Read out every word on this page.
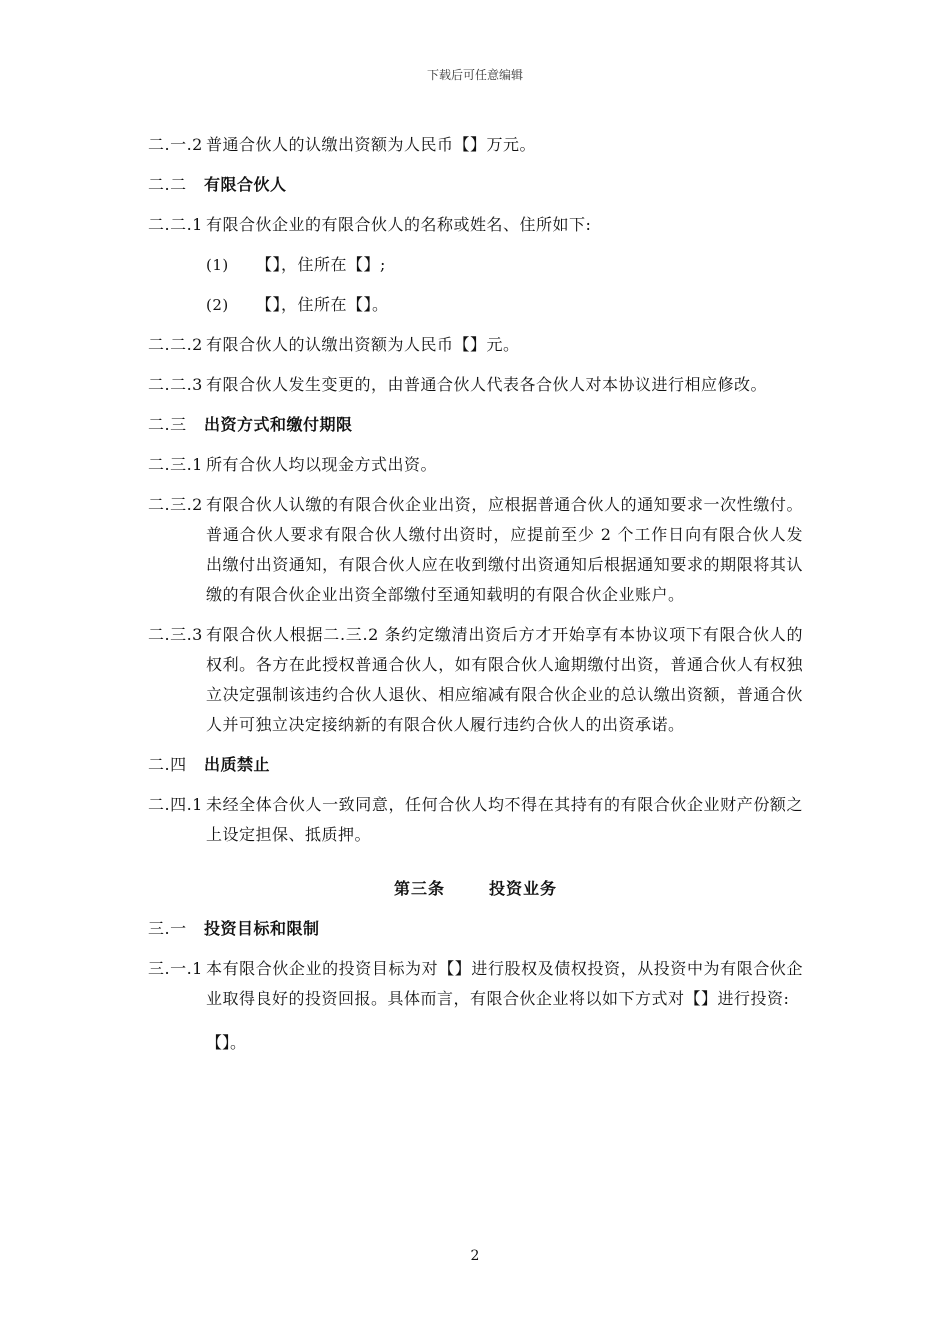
下载后可任意编辑
二.一.2 普通合伙人的认缴出资额为人民币【】万元。
二.二 有限合伙人
二.二.1 有限合伙企业的有限合伙人的名称或姓名、住所如下:
(1) 【】，住所在【】;
(2) 【】，住所在【】。
二.二.2 有限合伙人的认缴出资额为人民币【】元。
二.二.3 有限合伙人发生变更的，由普通合伙人代表各合伙人对本协议进行相应修改。
二.三 出资方式和缴付期限
二.三.1 所有合伙人均以现金方式出资。
二.三.2 有限合伙人认缴的有限合伙企业出资，应根据普通合伙人的通知要求一次性缴付。普通合伙人要求有限合伙人缴付出资时，应提前至少 2 个工作日向有限合伙人发出缴付出资通知，有限合伙人应在收到缴付出资通知后根据通知要求的期限将其认缴的有限合伙企业出资全部缴付至通知载明的有限合伙企业账户。
二.三.3 有限合伙人根据二.三.2 条约定缴清出资后方才开始享有本协议项下有限合伙人的权利。各方在此授权普通合伙人，如有限合伙人逾期缴付出资，普通合伙人有权独立决定强制该违约合伙人退伙、相应缩减有限合伙企业的总认缴出资额，普通合伙人并可独立决定接纳新的有限合伙人履行违约合伙人的出资承诺。
二.四 出质禁止
二.四.1 未经全体合伙人一致同意，任何合伙人均不得在其持有的有限合伙企业财产份额之上设定担保、抵质押。
第三条	投资业务
三.一 投资目标和限制
三.一.1 本有限合伙企业的投资目标为对【】进行股权及债权投资，从投资中为有限合伙企业取得良好的投资回报。具体而言，有限合伙企业将以如下方式对【】进行投资:
【】。
2
